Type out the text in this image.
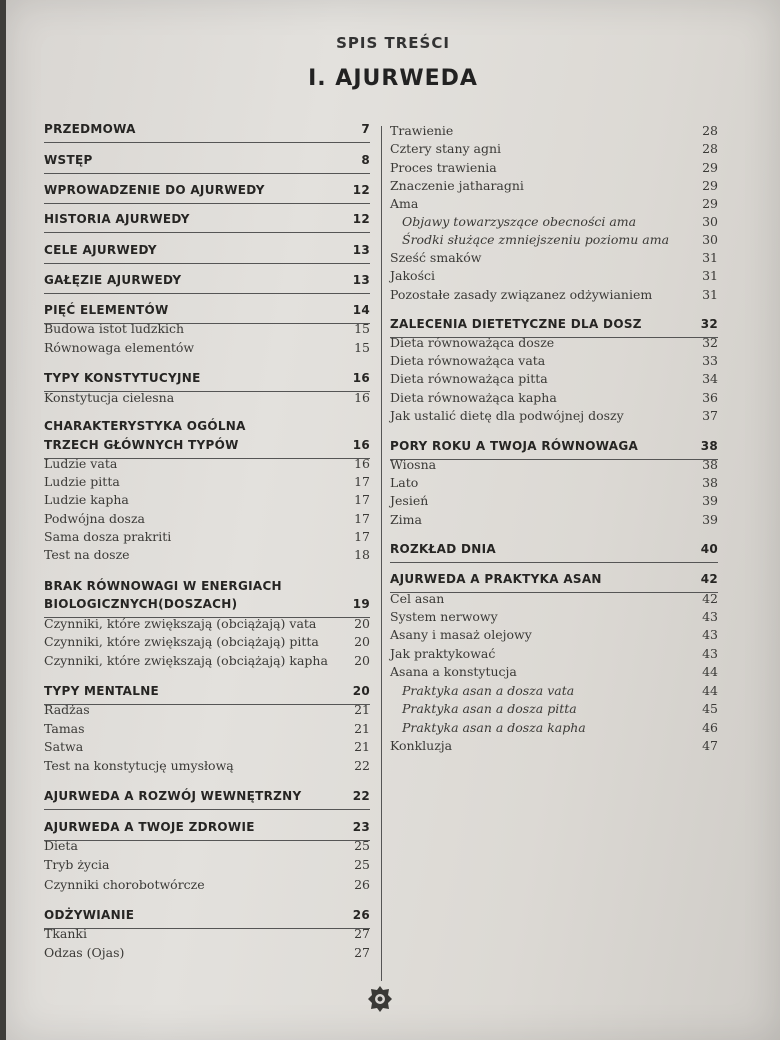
SPIS TREŚCI
I. AJURWEDA
PRZEDMOWA	7
WSTĘP	8
WPROWADZENIE DO AJURWEDY	12
HISTORIA AJURWEDY	12
CELE AJURWEDY	13
GAŁĘZIE AJURWEDY	13
PIĘĆ ELEMENTÓW	14
Budowa istot ludzkich	15
Równowaga elementów	15
TYPY KONSTYTUCYJNE	16
Konstytucja cielesna	16
CHARAKTERYSTYKA OGÓLNA
TRZECH GŁÓWNYCH TYPÓW	16
Ludzie vata	16
Ludzie pitta	17
Ludzie kapha	17
Podwójna dosza	17
Sama dosza prakriti	17
Test na dosze	18
BRAK RÓWNOWAGI W ENERGIACH
BIOLOGICZNYCH(DOSZACH)	19
Czynniki, które zwiększają (obciążają) vata	20
Czynniki, które zwiększają (obciążają) pitta	20
Czynniki, które zwiększają (obciążają) kapha 20
TYPY MENTALNE	20
Radżas	21
Tamas	21
Satwa	21
Test na konstytucję umysłową	22
AJURWEDA A ROZWÓJ WEWNĘTRZNY	22
AJURWEDA A TWOJE ZDROWIE	23
Dieta	25
Tryb życia	25
Czynniki chorobotwórcze	26
ODŻYWIANIE	26
Tkanki	27
Odzas (Ojas)	27
Trawienie	28
Cztery stany agni	28
Proces trawienia	29
Znaczenie jatharagni	29
Ama	29
Objawy towarzyszące obecności ama	30
Środki służące zmniejszeniu poziomu ama	30
Sześć smaków	31
Jakości	31
Pozostałe zasady związanez odżywianiem	31
ZALECENIA DIETETYCZNE DLA DOSZ	32
Dieta równoważąca dosze	32
Dieta równoważąca vata	33
Dieta równoważąca pitta	34
Dieta równoważąca kapha	36
Jak ustalić dietę dla podwójnej doszy	37
PORY ROKU A TWOJA RÓWNOWAGA	38
Wiosna	38
Lato	38
Jesień	39
Zima	39
ROZKŁAD DNIA	40
AJURWEDA A PRAKTYKA ASAN	42
Cel asan	42
System nerwowy	43
Asany i masaż olejowy	43
Jak praktykować	43
Asana a konstytucja	44
Praktyka asan a dosza vata	44
Praktyka asan a dosza pitta	45
Praktyka asan a dosza kapha	46
Konkluzja	47
